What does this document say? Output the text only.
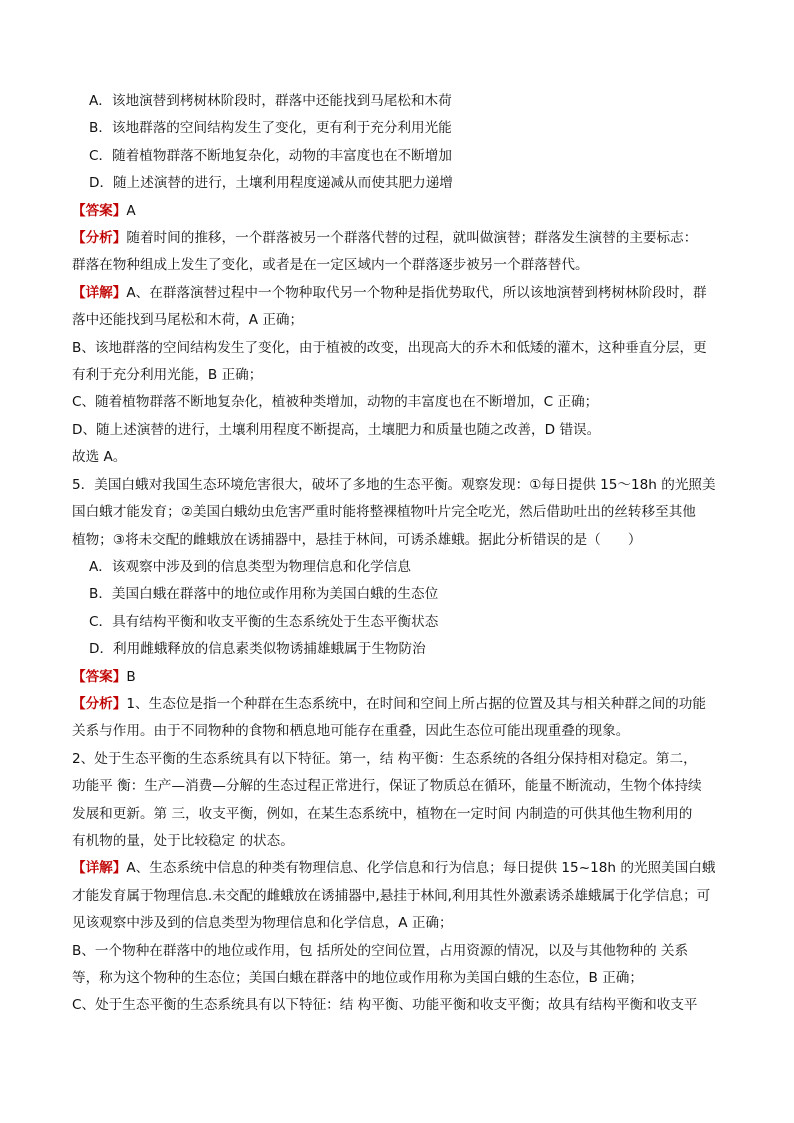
A．该地演替到栲树林阶段时，群落中还能找到马尾松和木荷
B．该地群落的空间结构发生了变化，更有利于充分利用光能
C．随着植物群落不断地复杂化，动物的丰富度也在不断增加
D．随上述演替的进行，土壤利用程度递减从而使其肥力递增
【答案】A
【分析】随着时间的推移，一个群落被另一个群落代替的过程，就叫做演替；群落发生演替的主要标志：
群落在物种组成上发生了变化，或者是在一定区域内一个群落逐步被另一个群落替代。
【详解】A、在群落演替过程中一个物种取代另一个物种是指优势取代，所以该地演替到栲树林阶段时，群
落中还能找到马尾松和木荷，A 正确；
B、该地群落的空间结构发生了变化，由于植被的改变，出现高大的乔木和低矮的灌木，这种垂直分层，更
有利于充分利用光能，B 正确；
C、随着植物群落不断地复杂化，植被种类增加，动物的丰富度也在不断增加，C 正确；
D、随上述演替的进行，土壤利用程度不断提高，土壤肥力和质量也随之改善，D 错误。
故选 A。
5．美国白蛾对我国生态环境危害很大，破坏了多地的生态平衡。观察发现：①每日提供 15～18h 的光照美
国白蛾才能发育；②美国白蛾幼虫危害严重时能将整裸植物叶片完全吃光，然后借助吐出的丝转移至其他
植物；③将未交配的雌蛾放在诱捕器中，悬挂于林间，可诱杀雄蛾。据此分析错误的是（　　）
A．该观察中涉及到的信息类型为物理信息和化学信息
B．美国白蛾在群落中的地位或作用称为美国白蛾的生态位
C．具有结构平衡和收支平衡的生态系统处于生态平衡状态
D．利用雌蛾释放的信息素类似物诱捕雄蛾属于生物防治
【答案】B
【分析】1、生态位是指一个种群在生态系统中，在时间和空间上所占据的位置及其与相关种群之间的功能
关系与作用。由于不同物种的食物和栖息地可能存在重叠，因此生态位可能出现重叠的现象。
2、处于生态平衡的生态系统具有以下特征。第一，结 构平衡：生态系统的各组分保持相对稳定。第二，
功能平 衡：生产—消费—分解的生态过程正常进行，保证了物质总在循环，能量不断流动，生物个体持续
发展和更新。第 三，收支平衡，例如，在某生态系统中，植物在一定时间 内制造的可供其他生物利用的
有机物的量，处于比较稳定 的状态。
【详解】A、生态系统中信息的种类有物理信息、化学信息和行为信息；每日提供 15~18h 的光照美国白蛾
才能发育属于物理信息.未交配的雌蛾放在诱捕器中,悬挂于林间,利用其性外激素诱杀雄蛾属于化学信息；可
见该观察中涉及到的信息类型为物理信息和化学信息，A 正确；
B、一个物种在群落中的地位或作用，包 括所处的空间位置，占用资源的情况，以及与其他物种的 关系
等，称为这个物种的生态位；美国白蛾在群落中的地位或作用称为美国白蛾的生态位，B 正确；
C、处于生态平衡的生态系统具有以下特征：结 构平衡、功能平衡和收支平衡；故具有结构平衡和收支平
